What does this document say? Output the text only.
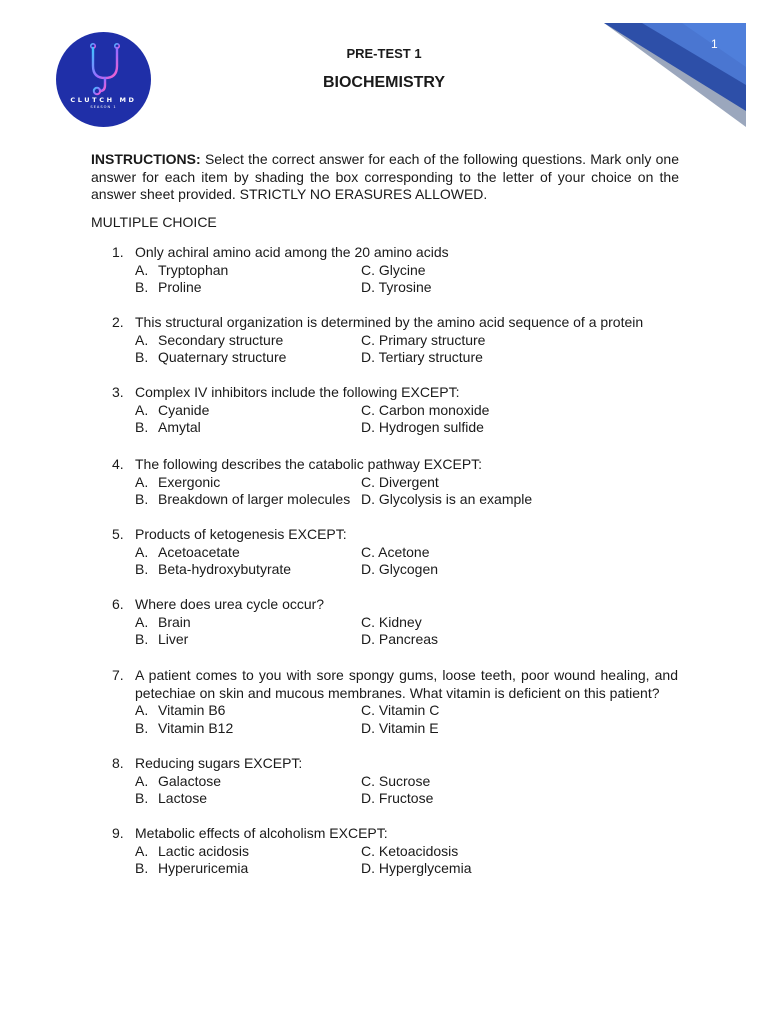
CLUTCH MD
SEASON 1
1
PRE-TEST 1
BIOCHEMISTRY
INSTRUCTIONS: Select the correct answer for each of the following questions. Mark only one answer for each item by shading the box corresponding to the letter of your choice on the answer sheet provided. STRICTLY NO ERASURES ALLOWED.
MULTIPLE CHOICE
1. Only achiral amino acid among the 20 amino acids
A. Tryptophan	C. Glycine
B. Proline	D. Tyrosine
2. This structural organization is determined by the amino acid sequence of a protein
A. Secondary structure	C. Primary structure
B. Quaternary structure	D. Tertiary structure
3. Complex IV inhibitors include the following EXCEPT:
A. Cyanide	C. Carbon monoxide
B. Amytal	D. Hydrogen sulfide
4. The following describes the catabolic pathway EXCEPT:
A. Exergonic	C. Divergent
B. Breakdown of larger molecules D. Glycolysis is an example
5. Products of ketogenesis EXCEPT:
A. Acetoacetate	C. Acetone
B. Beta-hydroxybutyrate	D. Glycogen
6. Where does urea cycle occur?
A. Brain	C. Kidney
B. Liver	D. Pancreas
7. A patient comes to you with sore spongy gums, loose teeth, poor wound healing, and petechiae on skin and mucous membranes. What vitamin is deficient on this patient?
A. Vitamin B6	C. Vitamin C
B. Vitamin B12	D. Vitamin E
8. Reducing sugars EXCEPT:
A. Galactose	C. Sucrose
B. Lactose	D. Fructose
9. Metabolic effects of alcoholism EXCEPT:
A. Lactic acidosis	C. Ketoacidosis
B. Hyperuricemia	D. Hyperglycemia
